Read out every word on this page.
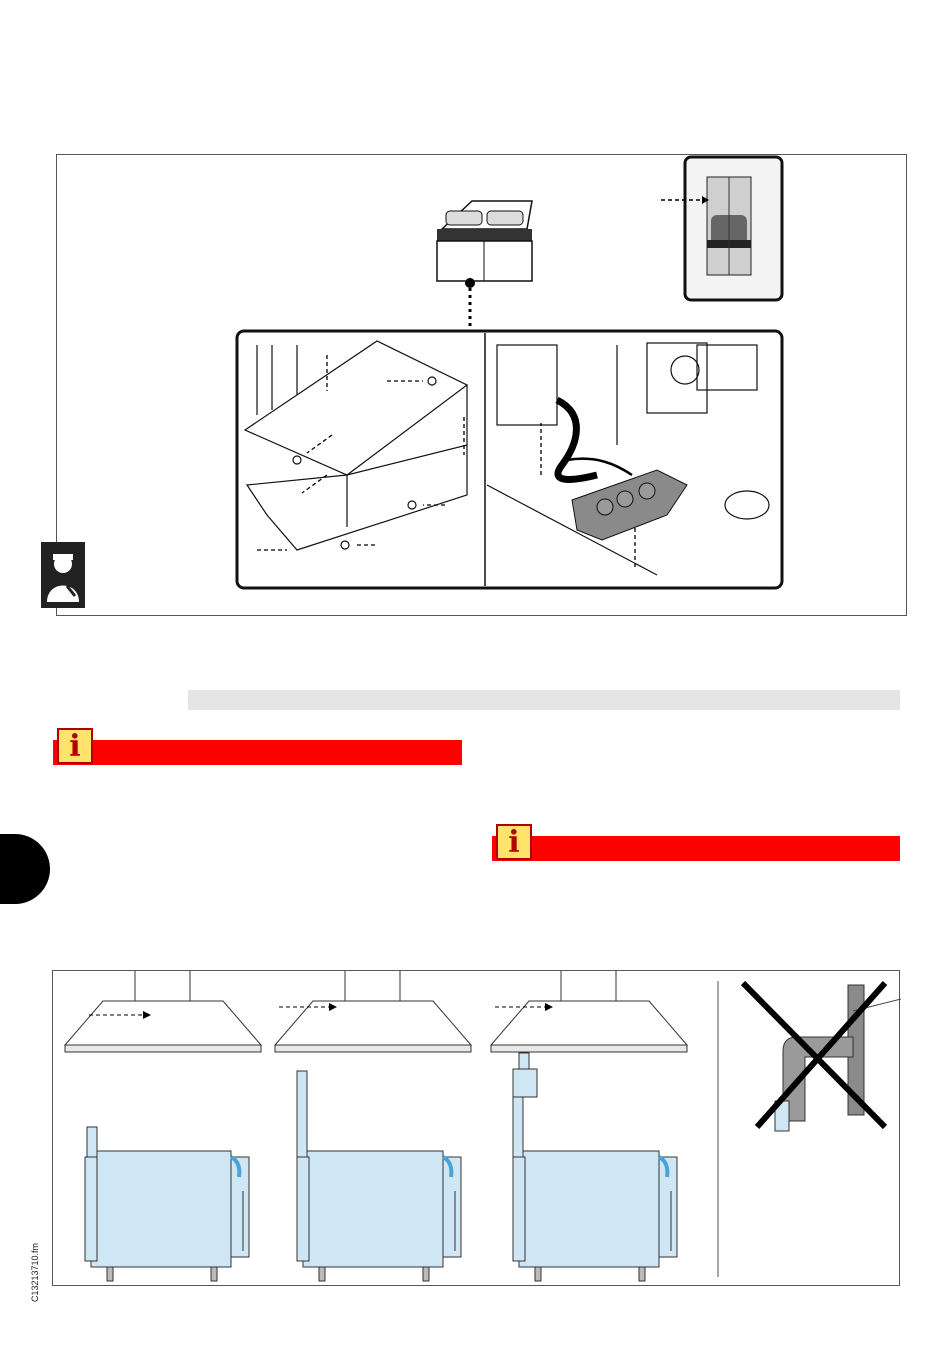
i
i
C13213710.fm
